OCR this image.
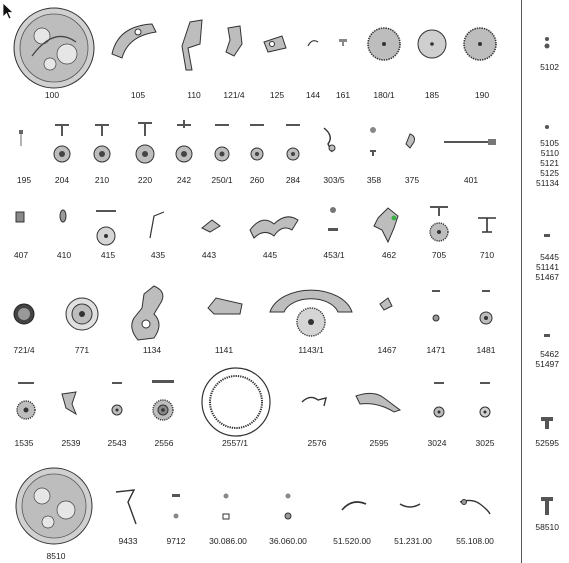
100	105	110	121/4	125	144 161	180/1	185	190
195	204	210	220	242 250/1 260	284	303/5	358	375	401
407	410	415	435	443	445	453/1	462	705	710
721/4	771	1134	1141	1143/1	1467	1471	1481
1535	2539	2543	2556	2557/1	2576	2595	3024	3025
8510
9433	9712	30.086.00	36.060.00	51.520.00	51.231.00	55.108.00
5102
5105
5110
5121
5125
51134
5445
51141
51467
5462
51497
52595
58510
